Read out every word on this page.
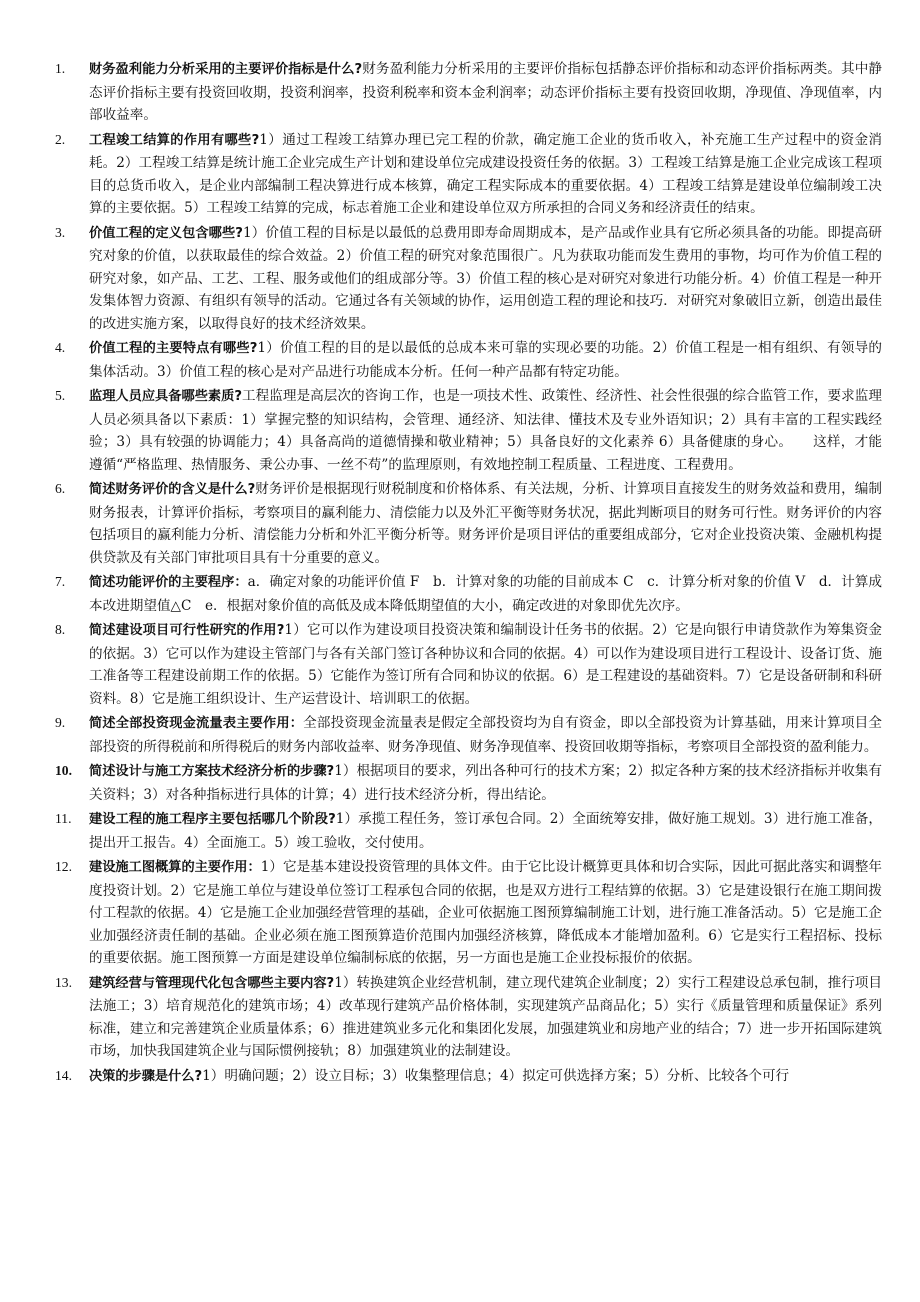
1. 财务盈利能力分析采用的主要评价指标是什么?财务盈利能力分析采用的主要评价指标包括静态评价指标和动态评价指标两类。其中静态评价指标主要有投资回收期，投资利润率，投资利税率和资本金利润率；动态评价指标主要有投资回收期，净现值、净现值率，内部收益率。
2. 工程竣工结算的作用有哪些?1）通过工程竣工结算办理已完工程的价款，确定施工企业的货币收入，补充施工生产过程中的资金消耗。2）工程竣工结算是统计施工企业完成生产计划和建设单位完成建设投资任务的依据。3）工程竣工结算是施工企业完成该工程项目的总货币收入，是企业内部编制工程决算进行成本核算，确定工程实际成本的重要依据。4）工程竣工结算是建设单位编制竣工决算的主要依据。5）工程竣工结算的完成，标志着施工企业和建设单位双方所承担的合同义务和经济责任的结束。
3. 价值工程的定义包含哪些?1）价值工程的目标是以最低的总费用即寿命周期成本，是产品或作业具有它所必须具备的功能。即提高研究对象的价值，以获取最佳的综合效益。2）价值工程的研究对象范围很广。凡为获取功能而发生费用的事物，均可作为价值工程的研究对象，如产品、工艺、工程、服务或他们的组成部分等。3）价值工程的核心是对研究对象进行功能分析。4）价值工程是一种开发集体智力资源、有组织有领导的活动。它通过各有关领域的协作，运用创造工程的理论和技巧．对研究对象破旧立新，创造出最佳的改进实施方案，以取得良好的技术经济效果。
4. 价值工程的主要特点有哪些?1）价值工程的目的是以最低的总成本来可靠的实现必要的功能。2）价值工程是一相有组织、有领导的集体活动。3）价值工程的核心是对产品进行功能成本分析。任何一种产品都有特定功能。
5. 监理人员应具备哪些素质?工程监理是高层次的咨询工作，也是一项技术性、政策性、经济性、社会性很强的综合监管工作，要求监理人员必须具备以下素质：1）掌握完整的知识结构，会管理、通经济、知法律、懂技术及专业外语知识；2）具有丰富的工程实践经验；3）具有较强的协调能力；4）具备高尚的道德情操和敬业精神；5）具备良好的文化素养 6）具备健康的身心。　　这样，才能遵循“严格监理、热情服务、秉公办事、一丝不苟”的监理原则，有效地控制工程质量、工程进度、工程费用。
6. 简述财务评价的含义是什么?财务评价是根据现行财税制度和价格体系、有关法规，分析、计算项目直接发生的财务效益和费用，编制财务报表，计算评价指标，考察项目的赢利能力、清偿能力以及外汇平衡等财务状况，据此判断项目的财务可行性。财务评价的内容包括项目的赢利能力分析、清偿能力分析和外汇平衡分析等。财务评价是项目评估的重要组成部分，它对企业投资决策、金融机构提供贷款及有关部门审批项目具有十分重要的意义。
7. 简述功能评价的主要程序：a．确定对象的功能评价值 F　b．计算对象的功能的目前成本 C　c．计算分析对象的价值 V　d．计算成本改进期望值△C　e．根据对象价值的高低及成本降低期望值的大小，确定改进的对象即优先次序。
8. 简述建设项目可行性研究的作用?1）它可以作为建设项目投资决策和编制设计任务书的依据。2）它是向银行申请贷款作为筹集资金的依据。3）它可以作为建设主管部门与各有关部门签订各种协议和合同的依据。4）可以作为建设项目进行工程设计、设备订货、施工准备等工程建设前期工作的依据。5）它能作为签订所有合同和协议的依据。6）是工程建设的基础资料。7）它是设备研制和科研资料。8）它是施工组织设计、生产运营设计、培训职工的依据。
9. 简述全部投资现金流量表主要作用：全部投资现金流量表是假定全部投资均为自有资金，即以全部投资为计算基础，用来计算项目全部投资的所得税前和所得税后的财务内部收益率、财务净现值、财务净现值率、投资回收期等指标，考察项目全部投资的盈利能力。
10. 简述设计与施工方案技术经济分析的步骤?1）根据项目的要求，列出各种可行的技术方案；2）拟定各种方案的技术经济指标并收集有关资料；3）对各种指标进行具体的计算；4）进行技术经济分析，得出结论。
11. 建设工程的施工程序主要包括哪几个阶段?1）承揽工程任务，签订承包合同。2）全面统筹安排，做好施工规划。3）进行施工准备，提出开工报告。4）全面施工。5）竣工验收，交付使用。
12. 建设施工图概算的主要作用：1）它是基本建设投资管理的具体文件。由于它比设计概算更具体和切合实际，因此可据此落实和调整年度投资计划。2）它是施工单位与建设单位签订工程承包合同的依据，也是双方进行工程结算的依据。3）它是建设银行在施工期间拨付工程款的依据。4）它是施工企业加强经营管理的基础，企业可依据施工图预算编制施工计划，进行施工准备活动。5）它是施工企业加强经济责任制的基础。企业必须在施工图预算造价范围内加强经济核算，降低成本才能增加盈利。6）它是实行工程招标、投标的重要依据。施工图预算一方面是建设单位编制标底的依据，另一方面也是施工企业投标报价的依据。
13. 建筑经营与管理现代化包含哪些主要内容?1）转换建筑企业经营机制，建立现代建筑企业制度；2）实行工程建设总承包制，推行项目法施工；3）培育规范化的建筑市场；4）改革现行建筑产品价格体制，实现建筑产品商品化；5）实行《质量管理和质量保证》系列标准，建立和完善建筑企业质量体系；6）推进建筑业多元化和集团化发展，加强建筑业和房地产业的结合；7）进一步开拓国际建筑市场，加快我国建筑企业与国际惯例接轨；8）加强建筑业的法制建设。
14. 决策的步骤是什么?1）明确问题；2）设立目标；3）收集整理信息；4）拟定可供选择方案；5）分析、比较各个可行
